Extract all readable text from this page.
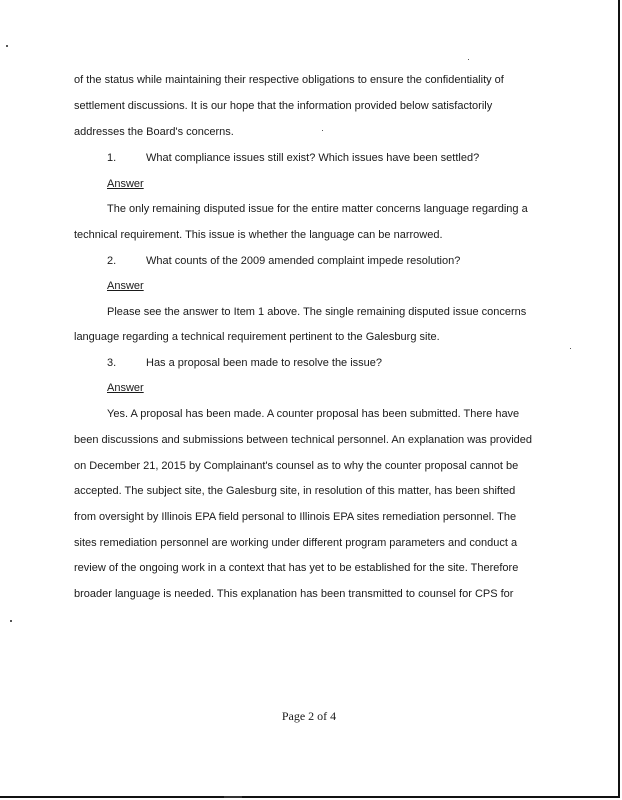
of the status while maintaining their respective obligations to ensure the confidentiality of
settlement discussions. It is our hope that the information provided below satisfactorily
addresses the Board's concerns.
1.	What compliance issues still exist? Which issues have been settled?
Answer
The only remaining disputed issue for the entire matter concerns language regarding a
technical requirement. This issue is whether the language can be narrowed.
2.	What counts of the 2009 amended complaint impede resolution?
Answer
Please see the answer to Item 1 above. The single remaining disputed issue concerns
language regarding a technical requirement pertinent to the Galesburg site.
3.	Has a proposal been made to resolve the issue?
Answer
Yes. A proposal has been made. A counter proposal has been submitted. There have
been discussions and submissions between technical personnel. An explanation was provided
on December 21, 2015 by Complainant's counsel as to why the counter proposal cannot be
accepted. The subject site, the Galesburg site, in resolution of this matter, has been shifted
from oversight by Illinois EPA field personal to Illinois EPA sites remediation personnel. The
sites remediation personnel are working under different program parameters and conduct a
review of the ongoing work in a context that has yet to be established for the site. Therefore
broader language is needed. This explanation has been transmitted to counsel for CPS for
Page 2 of 4
